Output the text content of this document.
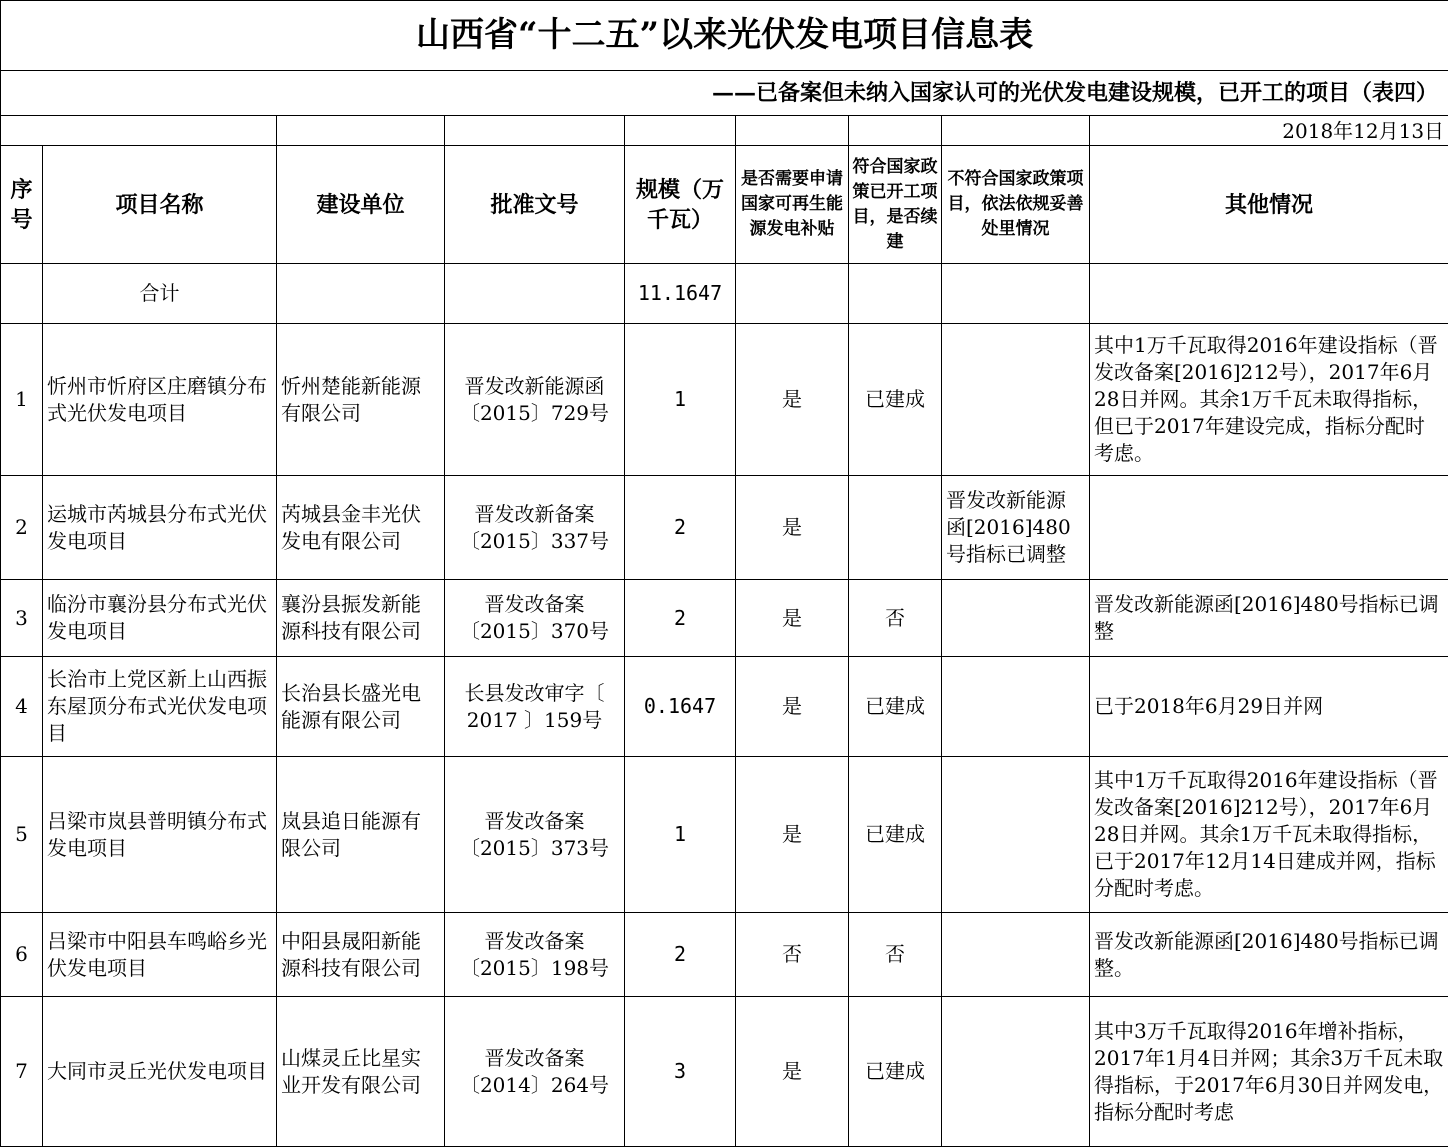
山西省“十二五”以来光伏发电项目信息表								
——已备案但未纳入国家认可的光伏发电建设规模，已开工的项目（表四）								
								2018年12月13日
序号	项目名称	建设单位	批准文号	规模（万千瓦）	是否需要申请国家可再生能源发电补贴	符合国家政策已开工项目，是否续建	不符合国家政策项目，依法依规妥善处里情况	其他情况
	合计			11.1647				
1	忻州市忻府区庄磨镇分布式光伏发电项目	忻州楚能新能源有限公司	晋发改新能源函〔2015〕729号	1	是	已建成		其中1万千瓦取得2016年建设指标（晋发改备案[2016]212号），2017年6月28日并网。其余1万千瓦未取得指标，但已于2017年建设完成，指标分配时考虑。
2	运城市芮城县分布式光伏发电项目	芮城县金丰光伏发电有限公司	晋发改新备案〔2015〕337号	2	是		晋发改新能源函[2016]480号指标已调整	
3	临汾市襄汾县分布式光伏发电项目	襄汾县振发新能源科技有限公司	晋发改备案〔2015〕370号	2	是	否		晋发改新能源函[2016]480号指标已调整
4	长治市上党区新上山西振东屋顶分布式光伏发电项目	长治县长盛光电能源有限公司	长县发改审字〔 2017 〕159号	0.1647	是	已建成		已于2018年6月29日并网
5	吕梁市岚县普明镇分布式发电项目	岚县追日能源有限公司	晋发改备案〔2015〕373号	1	是	已建成		其中1万千瓦取得2016年建设指标（晋发改备案[2016]212号），2017年6月28日并网。其余1万千瓦未取得指标，已于2017年12月14日建成并网，指标分配时考虑。
6	吕梁市中阳县车鸣峪乡光伏发电项目	中阳县晟阳新能源科技有限公司	晋发改备案〔2015〕198号	2	否	否		晋发改新能源函[2016]480号指标已调整。
7	大同市灵丘光伏发电项目	山煤灵丘比星实业开发有限公司	晋发改备案〔2014〕264号	3	是	已建成		其中3万千瓦取得2016年增补指标，2017年1月4日并网；其余3万千瓦未取得指标，于2017年6月30日并网发电，指标分配时考虑
